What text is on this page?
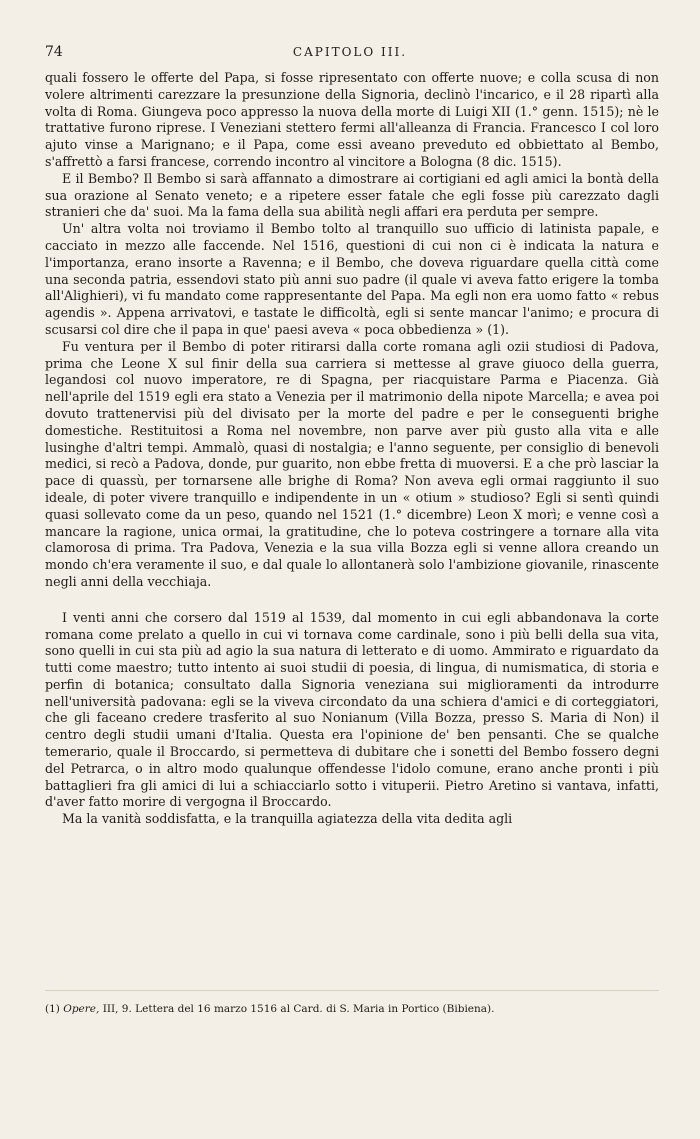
74	CAPITOLO III.

quali fossero le offerte del Papa, si fosse ripresentato con offerte nuove; e colla scusa di non volere altrimenti carezzare la presunzione della Signoria, declinò l'incarico, e il 28 ripartì alla volta di Roma. Giungeva poco appresso la nuova della morte di Luigi XII (1.° genn. 1515); nè le trattative furono riprese. I Veneziani stettero fermi all'alleanza di Francia. Francesco I col loro ajuto vinse a Marignano; e il Papa, come essi aveano preveduto ed obbiettato al Bembo, s'affrettò a farsi francese, correndo incontro al vincitore a Bologna (8 dic. 1515).

E il Bembo? Il Bembo si sarà affannato a dimostrare ai cortigiani ed agli amici la bontà della sua orazione al Senato veneto; e a ripetere esser fatale che egli fosse più carezzato dagli stranieri che da' suoi. Ma la fama della sua abilità negli affari era perduta per sempre.

Un' altra volta noi troviamo il Bembo tolto al tranquillo suo ufficio di latinista papale, e cacciato in mezzo alle faccende. Nel 1516, questioni di cui non ci è indicata la natura e l'importanza, erano insorte a Ravenna; e il Bembo, che doveva riguardare quella città come una seconda patria, essendovi stato più anni suo padre (il quale vi aveva fatto erigere la tomba all'Alighieri), vi fu mandato come rappresentante del Papa. Ma egli non era uomo fatto « rebus agendis ». Appena arrivatovi, e tastate le difficoltà, egli si sente mancar l'animo; e procura di scusarsi col dire che il papa in que' paesi aveva « poca obbedienza » (1).

Fu ventura per il Bembo di poter ritirarsi dalla corte romana agli ozii studiosi di Padova, prima che Leone X sul finir della sua carriera si mettesse al grave giuoco della guerra, legandosi col nuovo imperatore, re di Spagna, per riacquistare Parma e Piacenza. Già nell'aprile del 1519 egli era stato a Venezia per il matrimonio della nipote Marcella; e avea poi dovuto trattenervisi più del divisato per la morte del padre e per le conseguenti brighe domestiche. Restituitosi a Roma nel novembre, non parve aver più gusto alla vita e alle lusinghe d'altri tempi. Ammalò, quasi di nostalgia; e l'anno seguente, per consiglio di benevoli medici, si recò a Padova, donde, pur guarito, non ebbe fretta di muoversi. E a che prò lasciar la pace di quassù, per tornarsene alle brighe di Roma? Non aveva egli ormai raggiunto il suo ideale, di poter vivere tranquillo e indipendente in un « otium » studioso? Egli si sentì quindi quasi sollevato come da un peso, quando nel 1521 (1.° dicembre) Leon X morì; e venne così a mancare la ragione, unica ormai, la gratitudine, che lo poteva costringere a tornare alla vita clamorosa di prima. Tra Padova, Venezia e la sua villa Bozza egli si venne allora creando un mondo ch'era veramente il suo, e dal quale lo allontanerà solo l'ambizione giovanile, rinascente negli anni della vecchiaja.

I venti anni che corsero dal 1519 al 1539, dal momento in cui egli abbandonava la corte romana come prelato a quello in cui vi tornava come cardinale, sono i più belli della sua vita, sono quelli in cui sta più ad agio la sua natura di letterato e di uomo. Ammirato e riguardato da tutti come maestro; tutto intento ai suoi studii di poesia, di lingua, di numismatica, di storia e perfin di botanica; consultato dalla Signoria veneziana sui miglioramenti da introdurre nell'università padovana: egli se la viveva circondato da una schiera d'amici e di corteggiatori, che gli faceano credere trasferito al suo Nonianum (Villa Bozza, presso S. Maria di Non) il centro degli studii umani d'Italia. Questa era l'opinione de' ben pensanti. Che se qualche temerario, quale il Broccardo, si permetteva di dubitare che i sonetti del Bembo fossero degni del Petrarca, o in altro modo qualunque offendesse l'idolo comune, erano anche pronti i più battaglieri fra gli amici di lui a schiacciarlo sotto i vituperii. Pietro Aretino si vantava, infatti, d'aver fatto morire di vergogna il Broccardo.

Ma la vanità soddisfatta, e la tranquilla agiatezza della vita dedita agli

(1) Opere, III, 9. Lettera del 16 marzo 1516 al Card. di S. Maria in Portico (Bibiena).
